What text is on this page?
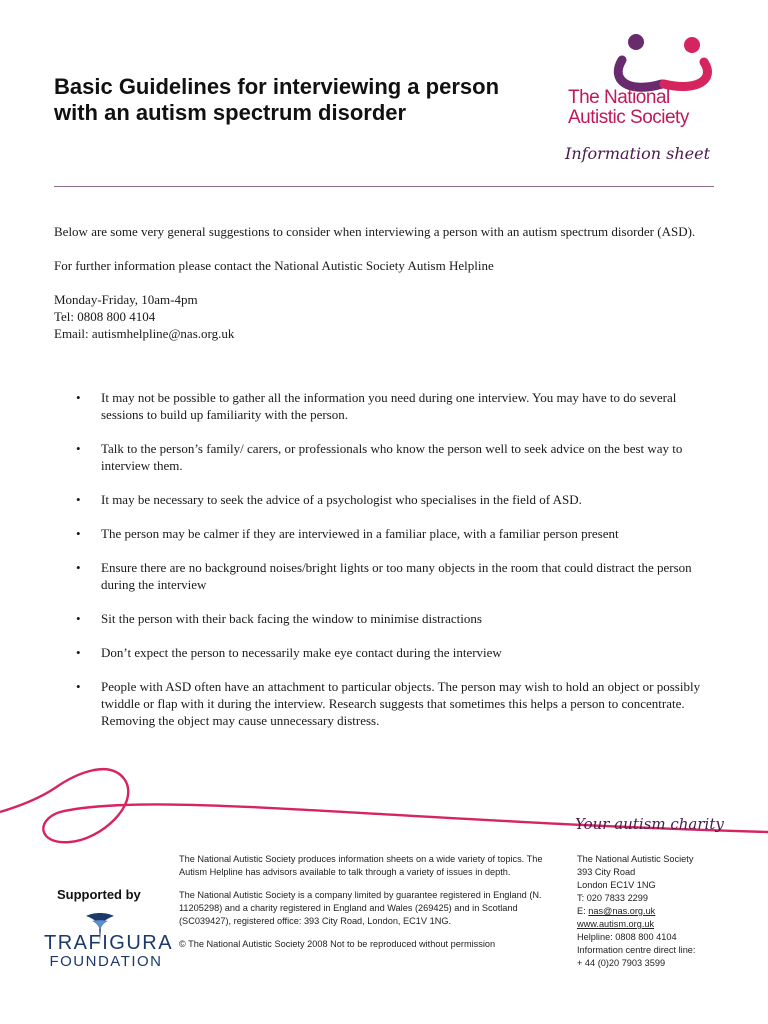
Basic Guidelines for interviewing a person with an autism spectrum disorder
The National
Autistic Society
Information sheet

Below are some very general suggestions to consider when interviewing a person with an autism spectrum disorder (ASD).

For further information please contact the National Autistic Society Autism Helpline

Monday-Friday, 10am-4pm
Tel: 0808 800 4104
Email: autismhelpline@nas.org.uk
• It may not be possible to gather all the information you need during one interview. You may have to do several sessions to build up familiarity with the person.
• Talk to the person’s family/ carers, or professionals who know the person well to seek advice on the best way to interview them.
• It may be necessary to seek the advice of a psychologist who specialises in the field of ASD.
• The person may be calmer if they are interviewed in a familiar place, with a familiar person present
• Ensure there are no background noises/bright lights or too many objects in the room that could distract the person during the interview
• Sit the person with their back facing the window to minimise distractions
• Don’t expect the person to necessarily make eye contact during the interview
• People with ASD often have an attachment to particular objects. The person may wish to hold an object or possibly twiddle or flap with it during the interview. Research suggests that sometimes this helps a person to concentrate. Removing the object may cause unnecessary distress.
Your autism charity
Supported by
TRAFIGURA
FOUNDATION

The National Autistic Society produces information sheets on a wide variety of topics. The Autism Helpline has advisors available to talk through a variety of issues in depth.

The National Autistic Society is a company limited by guarantee registered in England (N. 11205298) and a charity registered in England and Wales (269425) and in Scotland (SC039427), registered office: 393 City Road, London, EC1V 1NG.

© The National Autistic Society 2008 Not to be reproduced without permission

The National Autistic Society
393 City Road
London EC1V 1NG
T: 020 7833 2299
E: nas@nas.org.uk
www.autism.org.uk
Helpline: 0808 800 4104
Information centre direct line:
+ 44 (0)20 7903 3599
